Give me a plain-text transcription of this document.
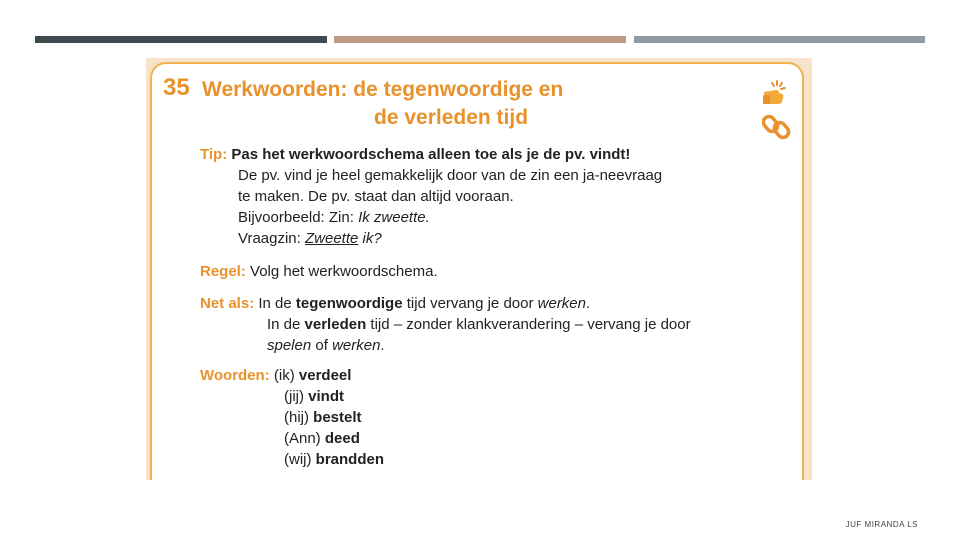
35 Werkwoorden: de tegenwoordige en
de verleden tijd
Tip: Pas het werkwoordschema alleen toe als je de pv. vindt!
De pv. vind je heel gemakkelijk door van de zin een ja-neevraag
te maken. De pv. staat dan altijd vooraan.
Bijvoorbeeld: Zin: Ik zweette.
Vraagzin: Zweette ik?
Regel: Volg het werkwoordschema.
Net als: In de tegenwoordige tijd vervang je door werken.
In de verleden tijd – zonder klankverandering – vervang je door
spelen of werken.
Woorden: (ik) verdeel
(jij) vindt
(hij) bestelt
(Ann) deed
(wij) brandden
JUF MIRANDA LS
